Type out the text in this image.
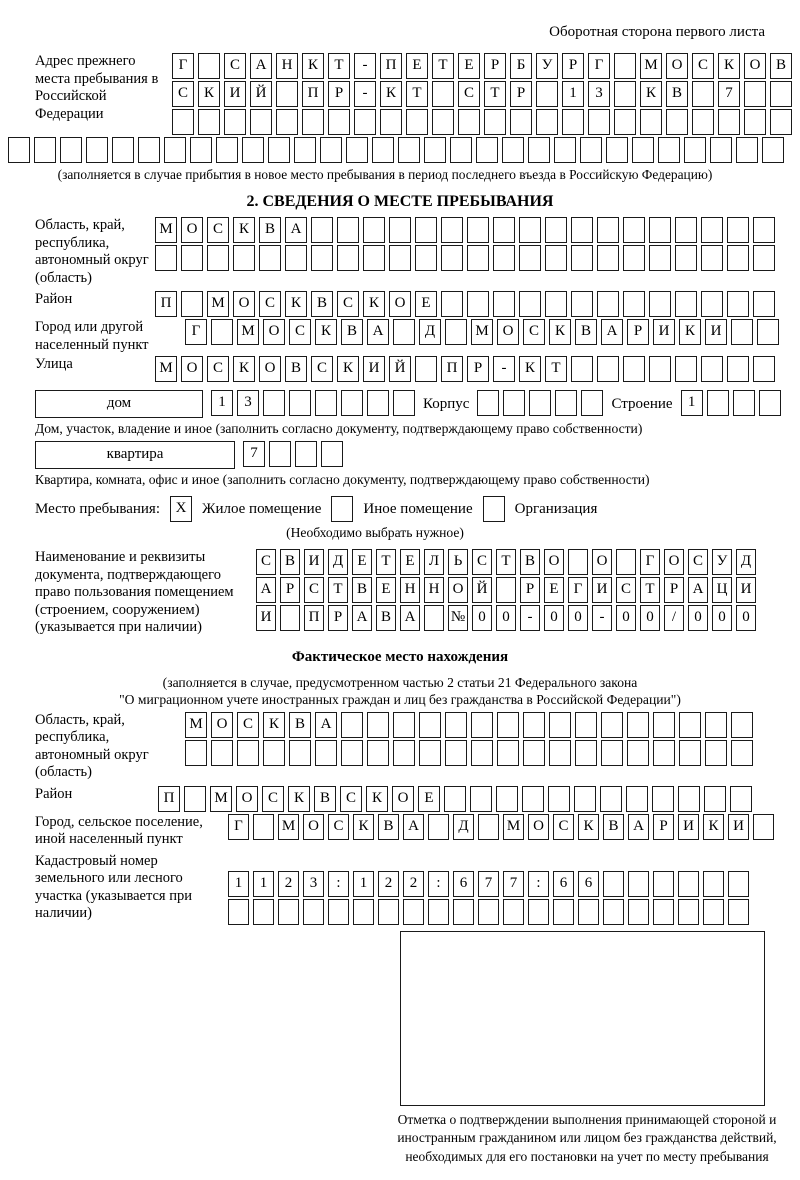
Оборотная сторона первого листа
Адрес прежнего места пребывания в Российской Федерации
Г	С	А	Н	К	Т	-	П	Е	Т	Е	Р	Б	У	Р	Г	М О	С	К	О	В
С	К	И	Й	П	Р	-	К	Т	С	Т	Р	1	3	К	В	7
(заполняется в случае прибытия в новое место пребывания в период последнего въезда в Российскую Федерацию)
2. СВЕДЕНИЯ О МЕСТЕ ПРЕБЫВАНИЯ
Область, край, республика, автономный округ (область)
М О	С	К	В	А
Район	П	М О	С	К	В	С	К	О	Е
Город или другой населенный пункт
Г	М О	С	К	В	А	Д	М О	С	К	В	А	Р	И	К	И
Улица	М О	С	К	О	В	С	К	И	Й	П	Р	-	К	Т
дом	1	3	Корпус	Строение	1
Дом, участок, владение и иное (заполнить согласно документу, подтверждающему право собственности)
квартира	7
Квартира, комната, офис и иное (заполнить согласно документу, подтверждающему право собственности)
Место пребывания:	X	Жилое помещение	Иное помещение	Организация
(Необходимо выбрать нужное)
Наименование и реквизиты документа, подтверждающего право пользования помещением (строением, сооружением) (указывается при наличии)
С В И Д Е Т Е Л Ь С Т В О	О	Г О С У Д
А Р С Т В Е Н Н О Й	Р	Е	Г И С Т	Р А Ц И
И	П Р А В А	№ 0	0	-	0	0	-	0	0	/	0	0	0
Фактическое место нахождения
(заполняется в случае, предусмотренном частью 2 статьи 21 Федерального закона
"О миграционном учете иностранных граждан и лиц без гражданства в Российской Федерации")
Область, край, республика, автономный округ (область)
М О	С	К	В	А
Район	П	М О	С	К	В	С	К	О	Е
Город, сельское поселение, иной населенный пункт
Г	М О С К В А	Д	М О С К В А	Р	И К И
Кадастровый номер земельного или лесного участка (указывается при наличии)
1	1	2	3	:	1	2	2	:	6	7	7	:	6	6
Отметка о подтверждении выполнения принимающей стороной и иностранным гражданином или лицом без гражданства действий, необходимых для его постановки на учет по месту пребывания
